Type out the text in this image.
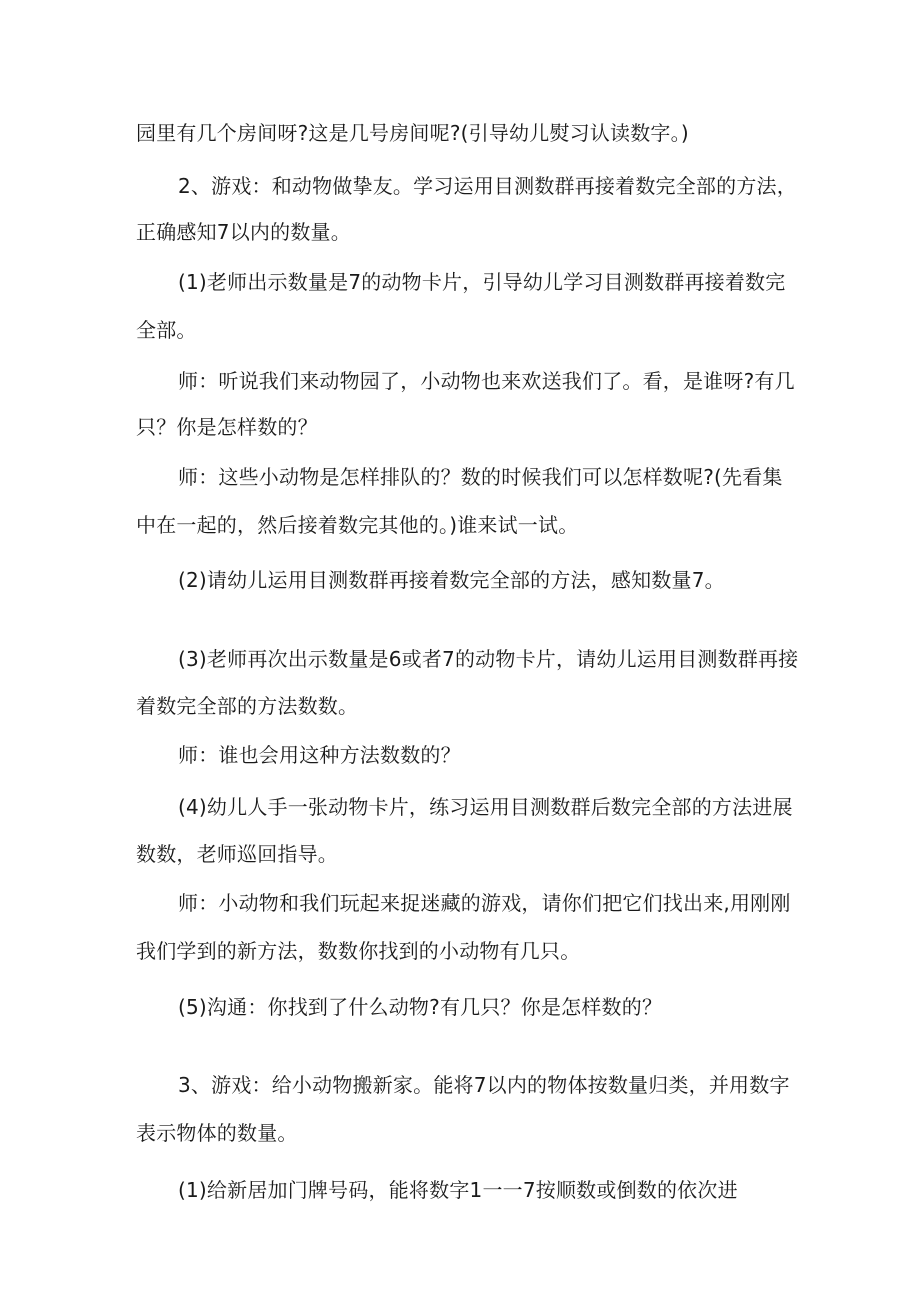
园里有几个房间呀?这是几号房间呢?(引导幼儿熨习认读数字。)
2、游戏：和动物做挚友。学习运用目测数群再接着数完全部的方法，
正确感知7以内的数量。
(1)老师出示数量是7的动物卡片，引导幼儿学习目测数群再接着数完
全部。
师：听说我们来动物园了，小动物也来欢送我们了。看，是谁呀?有几
只？你是怎样数的？
师：这些小动物是怎样排队的？数的时候我们可以怎样数呢?(先看集
中在一起的，然后接着数完其他的。)谁来试一试。
(2)请幼儿运用目测数群再接着数完全部的方法，感知数量7。
(3)老师再次出示数量是6或者7的动物卡片，请幼儿运用目测数群再接
着数完全部的方法数数。
师：谁也会用这种方法数数的？
(4)幼儿人手一张动物卡片，练习运用目测数群后数完全部的方法进展
数数，老师巡回指导。
师：小动物和我们玩起来捉迷藏的游戏，请你们把它们找出来,用刚刚
我们学到的新方法，数数你找到的小动物有几只。
(5)沟通：你找到了什么动物?有几只？你是怎样数的？
3、游戏：给小动物搬新家。能将7以内的物体按数量归类，并用数字
表示物体的数量。
(1)给新居加门牌号码，能将数字1一一7按顺数或倒数的依次进
